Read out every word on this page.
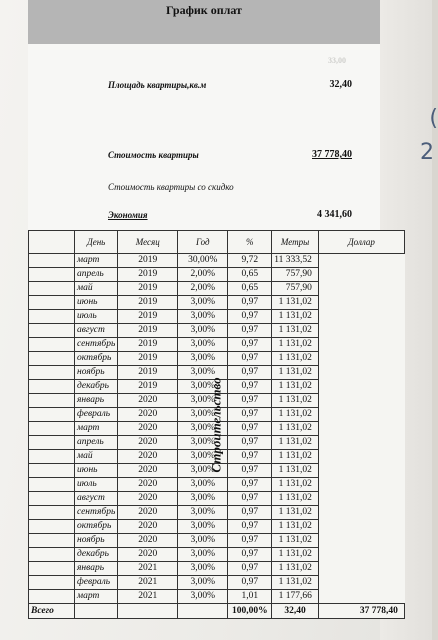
(
2
График оплат
33,00
Площадь квартиры,кв.м	32,40
Стоимость квартиры	37 778,40
Стоимость квартиры со скидко
Экономия	4 341,60
Строительство	День	Месяц	Год	%	Метры	Доллар
	март	2019	30,00%	9,72	11 333,52	
	апрель	2019	2,00%	0,65	757,90	
	май	2019	2,00%	0,65	757,90	
	июнь	2019	3,00%	0,97	1 131,02	
	июль	2019	3,00%	0,97	1 131,02	
	август	2019	3,00%	0,97	1 131,02	
	сентябрь	2019	3,00%	0,97	1 131,02	
	октябрь	2019	3,00%	0,97	1 131,02	
	ноябрь	2019	3,00%	0,97	1 131,02	
	декабрь	2019	3,00%	0,97	1 131,02	
	январь	2020	3,00%	0,97	1 131,02	
	февраль	2020	3,00%	0,97	1 131,02	
	март	2020	3,00%	0,97	1 131,02	
	апрель	2020	3,00%	0,97	1 131,02	
	май	2020	3,00%	0,97	1 131,02	
	июнь	2020	3,00%	0,97	1 131,02	
	июль	2020	3,00%	0,97	1 131,02	
	август	2020	3,00%	0,97	1 131,02	
	сентябрь	2020	3,00%	0,97	1 131,02	
	октябрь	2020	3,00%	0,97	1 131,02	
	ноябрь	2020	3,00%	0,97	1 131,02	
	декабрь	2020	3,00%	0,97	1 131,02	
	январь	2021	3,00%	0,97	1 131,02	
	февраль	2021	3,00%	0,97	1 131,02	
	март	2021	3,00%	1,01	1 177,66	
Всего				100,00%	32,40	37 778,40
